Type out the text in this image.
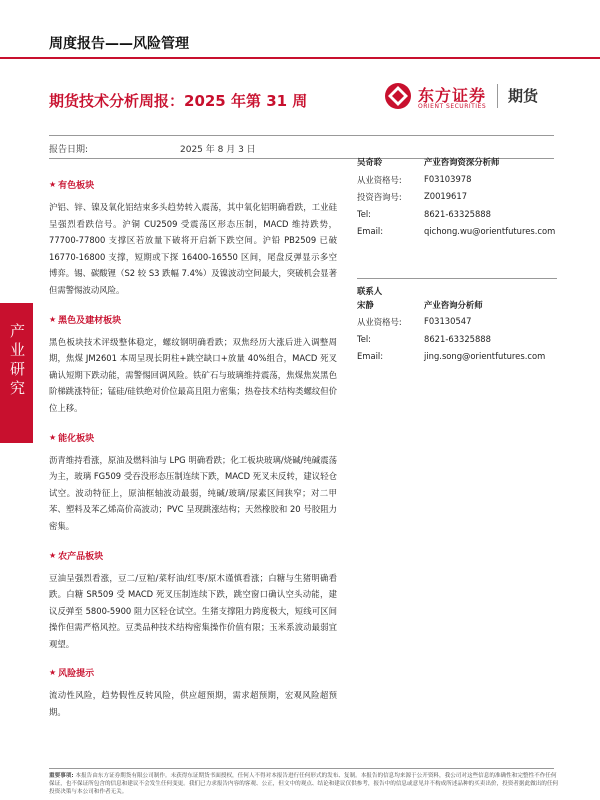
周度报告——风险管理
期货技术分析周报：2025 年第 31 周	东方证券
ORIENT SECURITIES
期货
报告日期:	2025 年 8 月 3 日
产业研究
★ 有色板块
沪铝、锌、镍及氧化铝结束多头趋势转入震荡，其中氧化铝明确看跌，工业硅呈强烈看跌信号。沪铜 CU2509 受震荡区形态压制，MACD 维持跌势，77700-77800 支撑区若放量下破将开启新下跌空间。沪铅 PB2509 已破 16770-16800 支撑，短期或下探 16400-16550 区间，尾盘反弹显示多空博弈。锡、碳酸锂（S2 较 S3 跌幅 7.4%）及镍波动空间最大，突破机会显著但需警惕波动风险。
★ 黑色及建材板块
黑色板块技术评级整体稳定，螺纹钢明确看跌；双焦经历大涨后进入调整周期，焦煤 JM2601 本周呈现长阴柱+跳空缺口+放量 40%组合，MACD 死叉确认短期下跌动能，需警惕回调风险。铁矿石与玻璃维持震荡，焦煤焦炭黑色阶梯跳涨特征；锰硅/硅铁绝对价位最高且阻力密集；热卷技术结构类螺纹但价位上移。
★ 能化板块
沥青维持看涨，原油及燃料油与 LPG 明确看跌；化工板块玻璃/烧碱/纯碱震荡为主，玻璃 FG509 受吞没形态压制连续下跌，MACD 死叉未反转，建议轻仓试空。波动特征上，原油框轴波动最弱，纯碱/玻璃/尿素区间狭窄；对二甲苯、塑料及苯乙烯高价高波动；PVC 呈现跳涨结构；天然橡胶和 20 号胶阻力密集。
★ 农产品板块
豆油呈强烈看涨，豆二/豆粕/菜籽油/红枣/原木谨慎看涨；白糖与生猪明确看跌。白糖 SR509 受 MACD 死叉压制连续下跌，跳空窗口确认空头动能，建议反弹至 5800-5900 阻力区轻仓试空。生猪支撑阻力跨度极大，短线可区间操作但需严格风控。豆类品种技术结构密集操作价值有限；玉米系波动最弱宜观望。
★ 风险提示
流动性风险，趋势假性反转风险，供应超预期，需求超预期，宏观风险超预期。
吴奇聆	产业咨询资深分析师
从业资格号:	F03103978
投资咨询号:	Z0019617
Tel:	8621-63325888
Email:	qichong.wu@orientfutures.com
联系人
宋静	产业咨询分析师
从业资格号:	F03130547
Tel:	8621-63325888
Email:	jing.song@orientfutures.com
重要事项: 本报告由东方证券期货有限公司制作。未获得东证期货书面授权，任何人不得对本报告进行任何形式的发布、复制。本报告的信息均来源于公开资料，我公司对这些信息的准确性和完整性不作任何保证，也不保证所包含的信息和建议不会发生任何变更。我们已力求报告内容的客观、公正，但文中的观点、结论和建议仅供参考，报告中的信息或意见并不构成所述品种的买卖出价，投资者据此做出的任何投资决策与本公司和作者无关。
